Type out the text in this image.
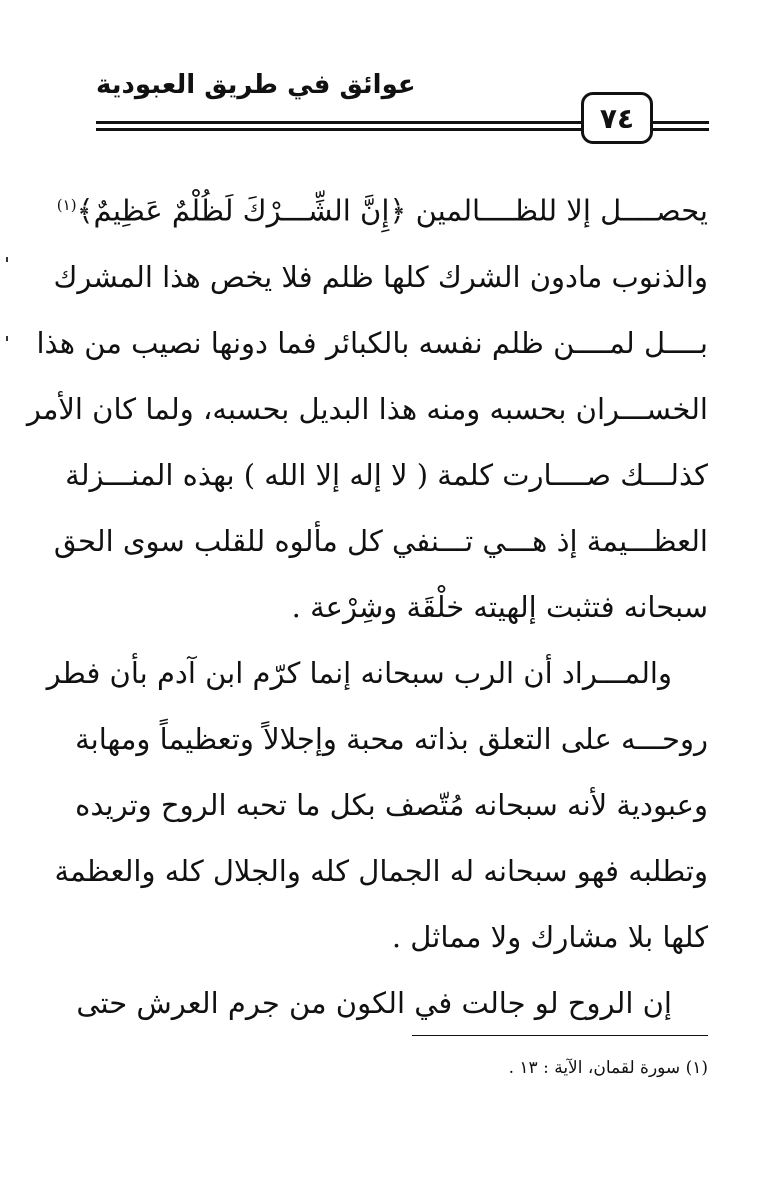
عوائق في طريق العبودية
٧٤
يحصــــل إلا للظــــالمين ﴿إِنَّ الشِّـــرْكَ لَظُلْمٌ عَظِيمٌ﴾$^{(١)}$
والذنوب مادون الشرك كلها ظلم فلا يخص هذا المشرك
بــــل لمــــن ظلم نفسه بالكبائر فما دونها نصيب من هذا
الخســـران بحسبه ومنه هذا البديل بحسبه، ولما كان الأمر
كذلـــك صــــارت كلمة ( لا إله إلا الله ) بهذه المنـــزلة
العظـــيمة إذ هـــي تـــنفي كل مألوه للقلب سوى الحق
سبحانه فتثبت إلهيته خلْقَة وشِرْعة .
والمـــراد أن الرب سبحانه إنما كرّم ابن آدم بأن فطر
روحـــه على التعلق بذاته محبة وإجلالاً وتعظيماً ومهابة
وعبودية لأنه سبحانه مُتّصف بكل ما تحبه الروح وتريده
وتطلبه فهو سبحانه له الجمال كله والجلال كله والعظمة
كلها بلا مشارك ولا مماثل .
إن الروح لو جالت في الكون من جرم العرش حتى
(١) سورة لقمان، الآية : ١٣ .
